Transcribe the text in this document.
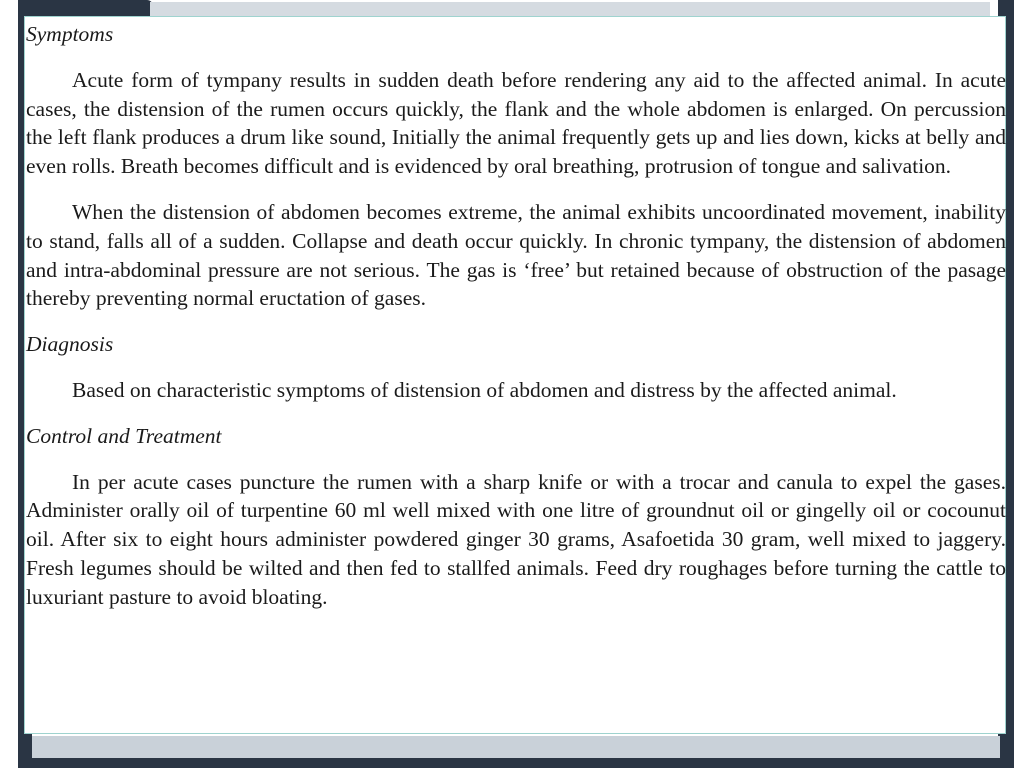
Symptoms

Acute form of tympany results in sudden death before rendering any aid to the affected animal. In acute cases, the distension of the rumen occurs quickly, the flank and the whole abdomen is enlarged. On percussion the left flank produces a drum like sound, Initially the animal frequently gets up and lies down, kicks at belly and even rolls. Breath becomes difficult and is evidenced by oral breathing, protrusion of tongue and salivation.

When the distension of abdomen becomes extreme, the animal exhibits uncoordinated movement, inability to stand, falls all of a sudden. Collapse and death occur quickly. In chronic tympany, the distension of abdomen and intra-abdominal pressure are not serious. The gas is ‘free’ but retained because of obstruction of the pasage thereby preventing normal eructation of gases.

Diagnosis

Based on characteristic symptoms of distension of abdomen and distress by the affected animal.

Control and Treatment

In per acute cases puncture the rumen with a sharp knife or with a trocar and canula to expel the gases. Administer orally oil of turpentine 60 ml well mixed with one litre of groundnut oil or gingelly oil or cocounut oil. After six to eight hours administer powdered ginger 30 grams, Asafoetida 30 gram, well mixed to jaggery. Fresh legumes should be wilted and then fed to stallfed animals. Feed dry roughages before turning the cattle to luxuriant pasture to avoid bloating.
